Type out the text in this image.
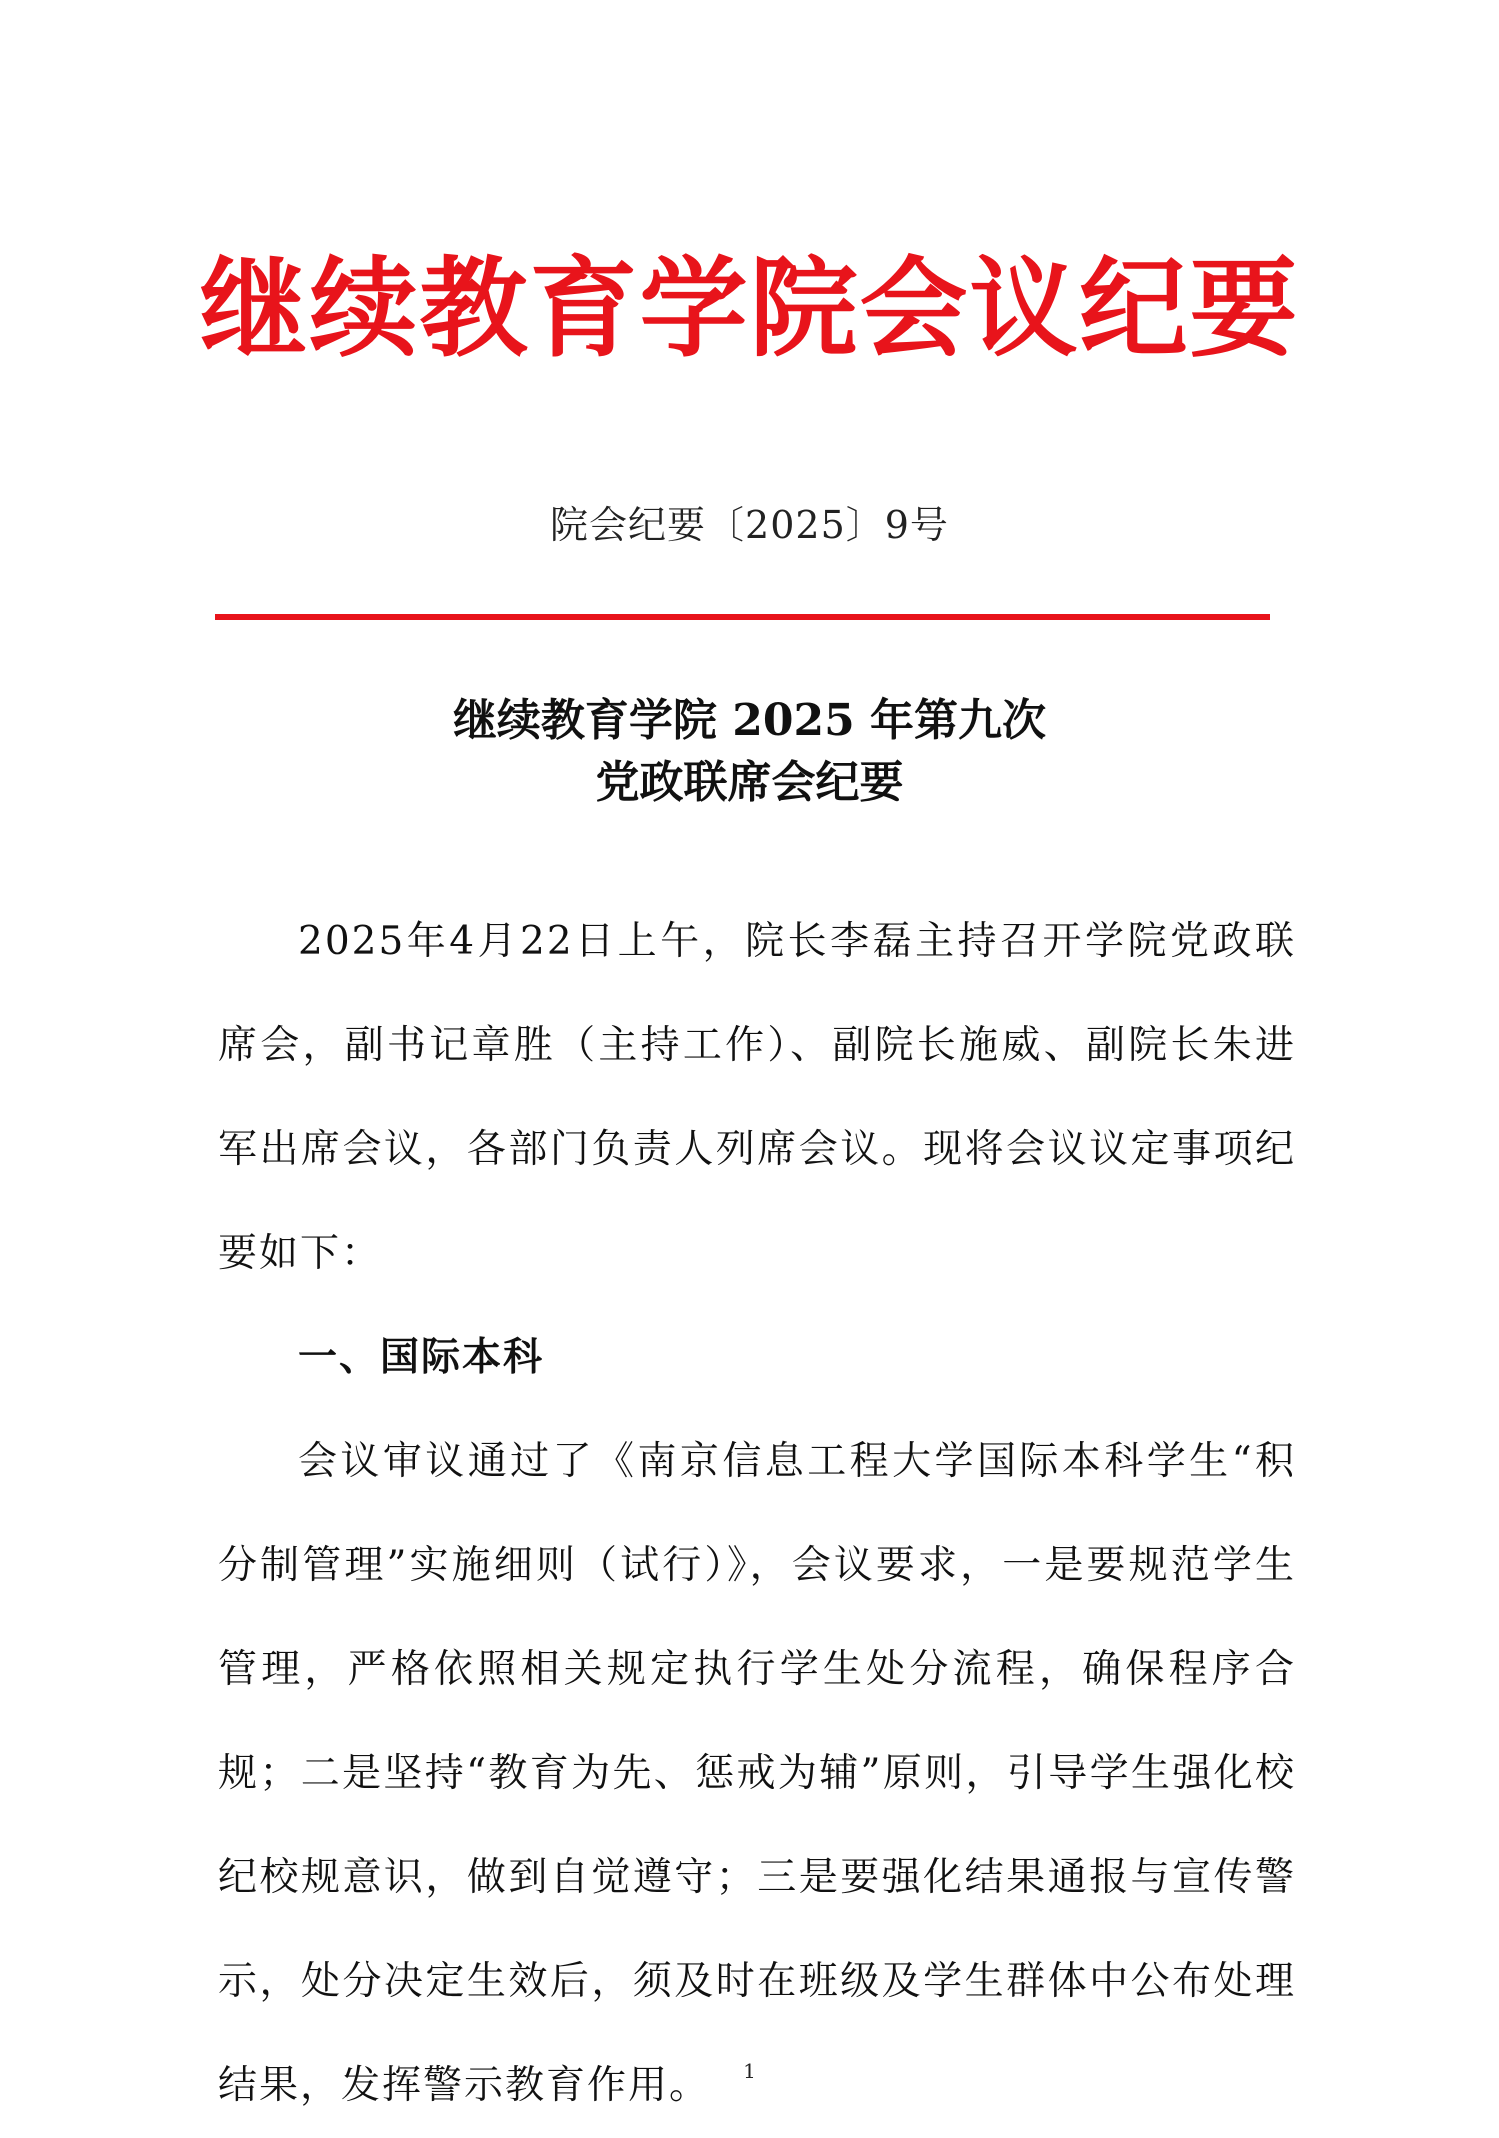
继续教育学院会议纪要
院会纪要〔2025〕9号
继续教育学院 2025 年第九次
党政联席会纪要

2025年4月22日上午，院长李磊主持召开学院党政联席会，副书记章胜（主持工作）、副院长施威、副院长朱进军出席会议，各部门负责人列席会议。现将会议议定事项纪要如下：

一、国际本科

会议审议通过了《南京信息工程大学国际本科学生“积分制管理”实施细则（试行）》，会议要求，一是要规范学生管理，严格依照相关规定执行学生处分流程，确保程序合规；二是坚持“教育为先、惩戒为辅”原则，引导学生强化校纪校规意识，做到自觉遵守；三是要强化结果通报与宣传警示，处分决定生效后，须及时在班级及学生群体中公布处理结果，发挥警示教育作用。	1
